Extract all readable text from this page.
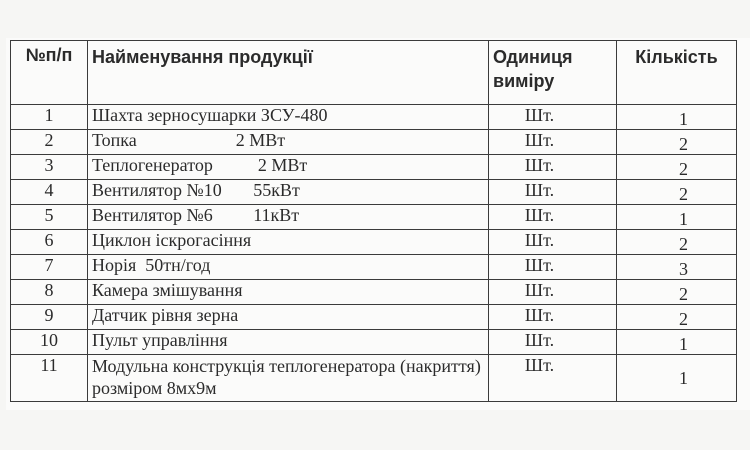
№п/п	Найменування продукції	Одиниця виміру	Кількість
1	Шахта зерносушарки ЗСУ-480	Шт.	1
2	Топка                      2 МВт	Шт.	2
3	Теплогенератор          2 МВт	Шт.	2
4	Вентилятор №10       55кВт	Шт.	2
5	Вентилятор №6         11кВт	Шт.	1
6	Циклон іскрогасіння	Шт.	2
7	Норія  50тн/год	Шт.	3
8	Камера змішування	Шт.	2
9	Датчик рівня зерна	Шт.	2
10	Пульт управління	Шт.	1
11	Модульна конструкція теплогенератора (накриття) розміром 8мх9м	Шт.	1
